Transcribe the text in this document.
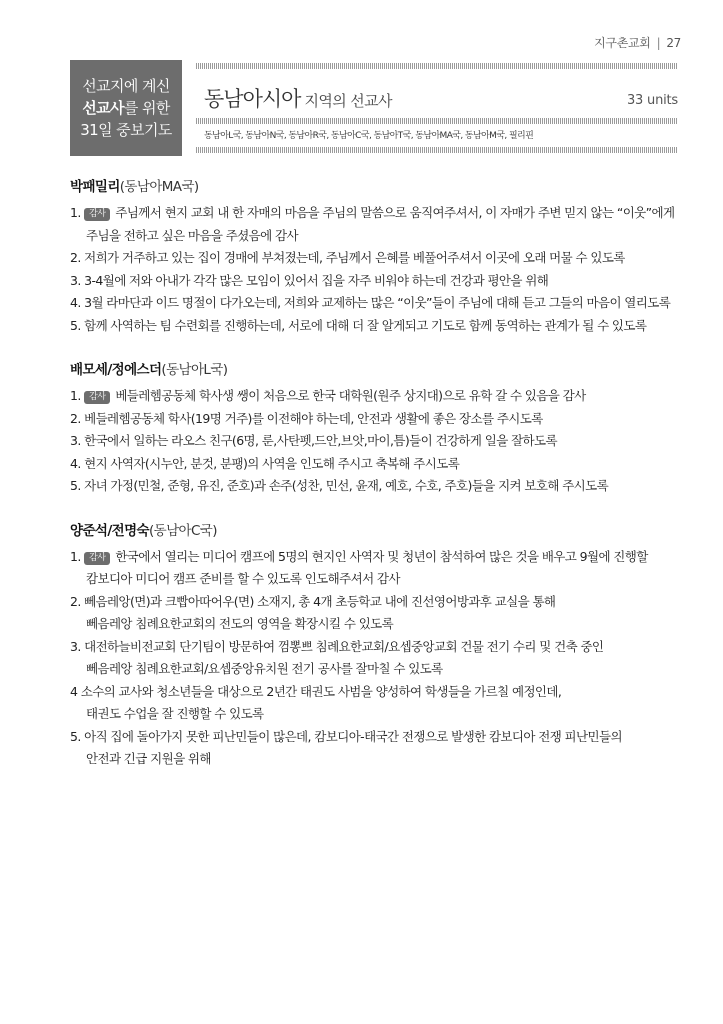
지구촌교회 | 27
선교지에 계신
선교사를 위한
31일 중보기도
동남아시아 지역의 선교사	33 units
동남아L국, 동남아N국, 동남아R국, 동남아C국, 동남아T국, 동남아MA국, 동남아M국, 필리핀
박패밀리(동남아MA국)
1. 감사 주님께서 현지 교회 내 한 자매의 마음을 주님의 말씀으로 움직여주셔서, 이 자매가 주변 믿지 않는 “이웃”에게
주님을 전하고 싶은 마음을 주셨음에 감사
2. 저희가 거주하고 있는 집이 경매에 부쳐졌는데, 주님께서 은혜를 베풀어주셔서 이곳에 오래 머물 수 있도록
3. 3-4월에 저와 아내가 각각 많은 모임이 있어서 집을 자주 비워야 하는데 건강과 평안을 위해
4. 3월 라마단과 이드 명절이 다가오는데, 저희와 교제하는 많은 “이웃”들이 주님에 대해 듣고 그들의 마음이 열리도록
5. 함께 사역하는 팀 수련회를 진행하는데, 서로에 대해 더 잘 알게되고 기도로 함께 동역하는 관계가 될 수 있도록
배모세/정에스더(동남아L국)
1. 감사 베들레헴공동체 학사생 쌩이 처음으로 한국 대학원(원주 상지대)으로 유학 갈 수 있음을 감사
2. 베들레헴공동체 학사(19명 거주)를 이전해야 하는데, 안전과 생활에 좋은 장소를 주시도록
3. 한국에서 일하는 라오스 친구(6명, 룬,사탄펫,드안,브앗,마이,틈)들이 건강하게 일을 잘하도록
4. 현지 사역자(시누안, 분것, 분팽)의 사역을 인도해 주시고 축복해 주시도록
5. 자녀 가정(민철, 준형, 유진, 준호)과 손주(성찬, 민선, 윤재, 예호, 수호, 주호)들을 지켜 보호해 주시도록
양준석/전명숙(동남아C국)
1. 감사 한국에서 열리는 미디어 캠프에 5명의 현지인 사역자 및 청년이 참석하여 많은 것을 배우고 9월에 진행할
캄보디아 미디어 캠프 준비를 할 수 있도록 인도해주셔서 감사
2. 뻬음레앙(면)과 크빱아따어우(면) 소재지, 총 4개 초등학교 내에 진선영어방과후 교실을 통해
뻬음레앙 침례요한교회의 전도의 영역을 확장시킬 수 있도록
3. 대전하늘비전교회 단기팀이 방문하여 껌뽕쁘 침례요한교회/요셉중앙교회 건물 전기 수리 및 건축 중인
뻬음레앙 침례요한교회/요셉중앙유치원 전기 공사를 잘마칠 수 있도록
4 소수의 교사와 청소년들을 대상으로 2년간 태권도 사범을 양성하여 학생들을 가르칠 예정인데,
태권도 수업을 잘 진행할 수 있도록
5. 아직 집에 돌아가지 못한 피난민들이 많은데, 캄보디아-태국간 전쟁으로 발생한 캄보디아 전쟁 피난민들의
안전과 긴급 지원을 위해
